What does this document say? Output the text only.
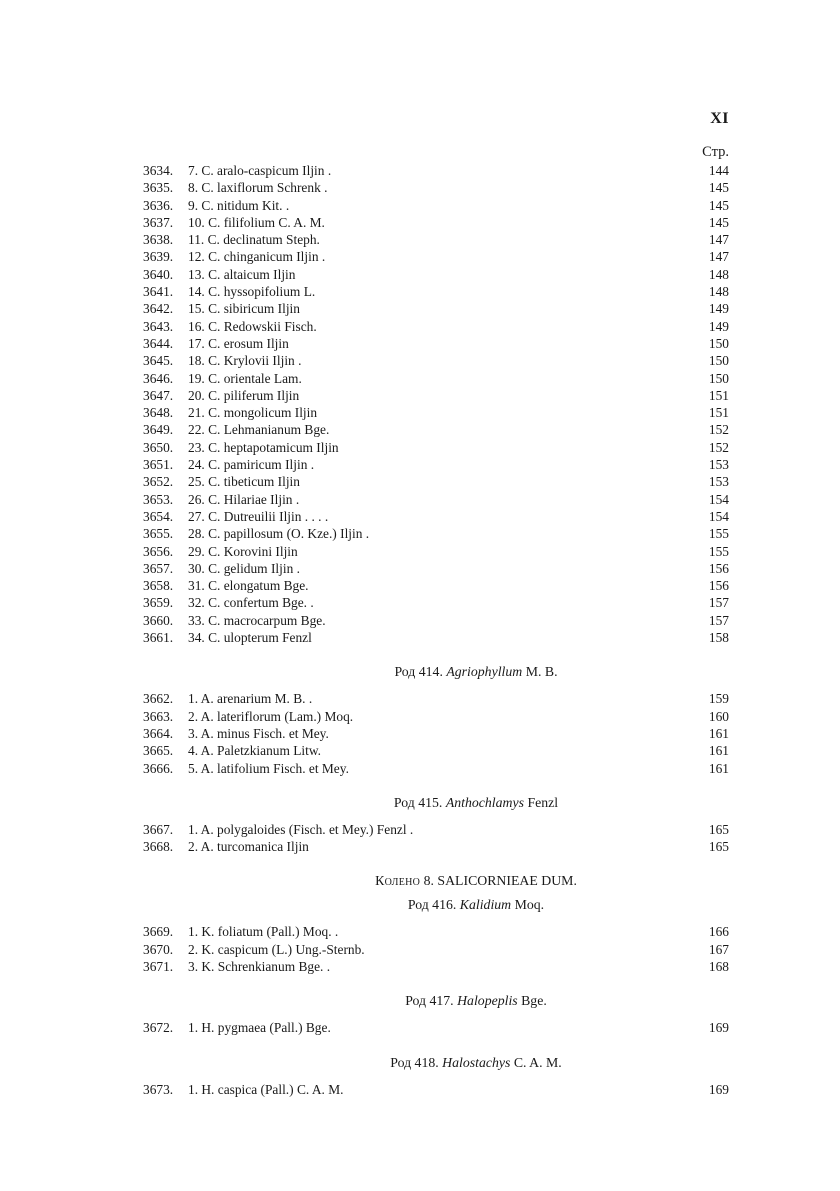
XI
Стр.
3634. 7. C. aralo-caspicum Iljin .	144
3635. 8. C. laxiflorum Schrenk .	145
3636. 9. C. nitidum Kit. .	145
3637. 10. C. filifolium C. A. M.	145
3638. 11. C. declinatum Steph.	147
3639. 12. C. chinganicum Iljin .	147
3640. 13. C. altaicum Iljin	148
3641. 14. C. hyssopifolium L.	148
3642. 15. C. sibiricum Iljin	149
3643. 16. C. Redowskii Fisch.	149
3644. 17. C. erosum Iljin	150
3645. 18. C. Krylovii Iljin .	150
3646. 19. C. orientale Lam.	150
3647. 20. C. piliferum Iljin	151
3648. 21. C. mongolicum Iljin	151
3649. 22. C. Lehmanianum Bge.	152
3650. 23. C. heptapotamicum Iljin	152
3651. 24. C. pamiricum Iljin .	153
3652. 25. C. tibeticum Iljin	153
3653. 26. C. Hilariae Iljin .	154
3654. 27. C. Dutreuilii Iljin . . . .	154
3655. 28. C. papillosum (O. Kze.) Iljin .	155
3656. 29. C. Korovini Iljin	155
3657. 30. C. gelidum Iljin .	156
3658. 31. C. elongatum Bge.	156
3659. 32. C. confertum Bge. .	157
3660. 33. C. macrocarpum Bge.	157
3661. 34. C. ulopterum Fenzl	158
Род 414. Agriophyllum M. B.
3662. 1. A. arenarium M. B. .	159
3663. 2. A. lateriflorum (Lam.) Moq.	160
3664. 3. A. minus Fisch. et Mey.	161
3665. 4. A. Paletzkianum Litw.	161
3666. 5. A. latifolium Fisch. et Mey.	161
Род 415. Anthochlamys Fenzl
3667. 1. A. polygaloides (Fisch. et Mey.) Fenzl .	165
3668. 2. A. turcomanica Iljin	165
Колено 8. SALICORNIEAE DUM.
Род 416. Kalidium Moq.
3669. 1. K. foliatum (Pall.) Moq. .	166
3670. 2. K. caspicum (L.) Ung.-Sternb.	167
3671. 3. K. Schrenkianum Bge. .	168
Род 417. Halopeplis Bge.
3672. 1. H. pygmaea (Pall.) Bge.	169
Род 418. Halostachys C. A. M.
3673. 1. H. caspica (Pall.) C. A. M.	169
